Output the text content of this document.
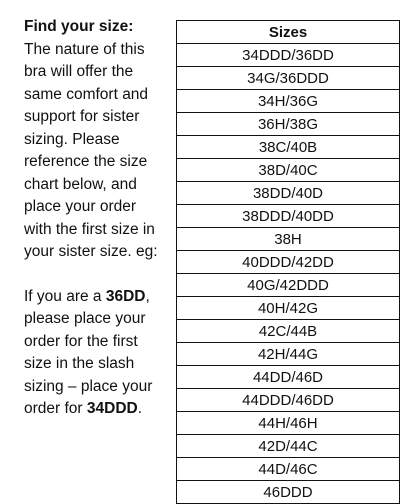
Find your size:
The nature of this bra will offer the same comfort and support for sister sizing. Please reference the size chart below, and place your order with the first size in your sister size. eg:

If you are a 36DD, please place your order for the first size in the slash sizing – place your order for 34DDD.

Sizes
34DDD/36DD
34G/36DDD
34H/36G
36H/38G
38C/40B
38D/40C
38DD/40D
38DDD/40DD
38H
40DDD/42DD
40G/42DDD
40H/42G
42C/44B
42H/44G
44DD/46D
44DDD/46DD
44H/46H
42D/44C
44D/46C
46DDD
